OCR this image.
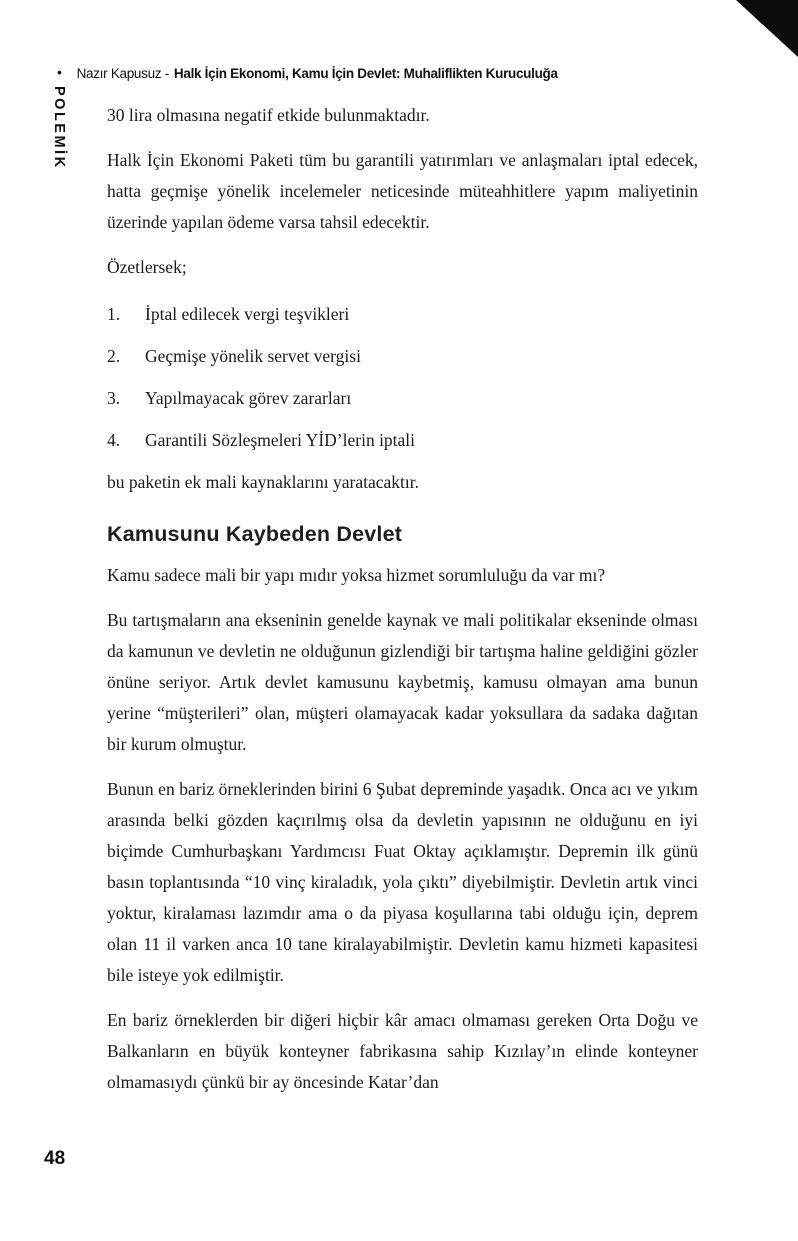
• Nazır Kapusuz - Halk İçin Ekonomi, Kamu İçin Devlet: Muhaliflikten Kuruculuğa
POLEMİK 30 lira olmasına negatif etkide bulunmaktadır.

Halk İçin Ekonomi Paketi tüm bu garantili yatırımları ve anlaşmaları iptal edecek, hatta geçmişe yönelik incelemeler neticesinde müteahhitlere yapım maliyetinin üzerinde yapılan ödeme varsa tahsil edecektir.

Özetlersek;

1.	İptal edilecek vergi teşvikleri
2.	Geçmişe yönelik servet vergisi
3.	Yapılmayacak görev zararları
4.	Garantili Sözleşmeleri YİD’lerin iptali

bu paketin ek mali kaynaklarını yaratacaktır.

Kamusunu Kaybeden Devlet

Kamu sadece mali bir yapı mıdır yoksa hizmet sorumluluğu da var mı?

Bu tartışmaların ana ekseninin genelde kaynak ve mali politikalar ekseninde olması da kamunun ve devletin ne olduğunun gizlendiği bir tartışma haline geldiğini gözler önüne seriyor. Artık devlet kamusunu kaybetmiş, kamusu olmayan ama bunun yerine “müşterileri” olan, müşteri olamayacak kadar yoksullara da sadaka dağıtan bir kurum olmuştur.

Bunun en bariz örneklerinden birini 6 Şubat depreminde yaşadık. Onca acı ve yıkım arasında belki gözden kaçırılmış olsa da devletin yapısının ne olduğunu en iyi biçimde Cumhurbaşkanı Yardımcısı Fuat Oktay açıklamıştır. Depremin ilk günü basın toplantısında “10 vinç kiraladık, yola çıktı” diyebilmiştir. Devletin artık vinci yoktur, kiralaması lazımdır ama o da piyasa koşullarına tabi olduğu için, deprem olan 11 il varken anca 10 tane kiralayabilmiştir. Devletin kamu hizmeti kapasitesi bile isteye yok edilmiştir.

En bariz örneklerden bir diğeri hiçbir kâr amacı olmaması gereken Orta Doğu ve Balkanların en büyük konteyner fabrikasına sahip Kızılay’ın elinde konteyner olmamasıydı çünkü bir ay öncesinde Katar’dan

48
